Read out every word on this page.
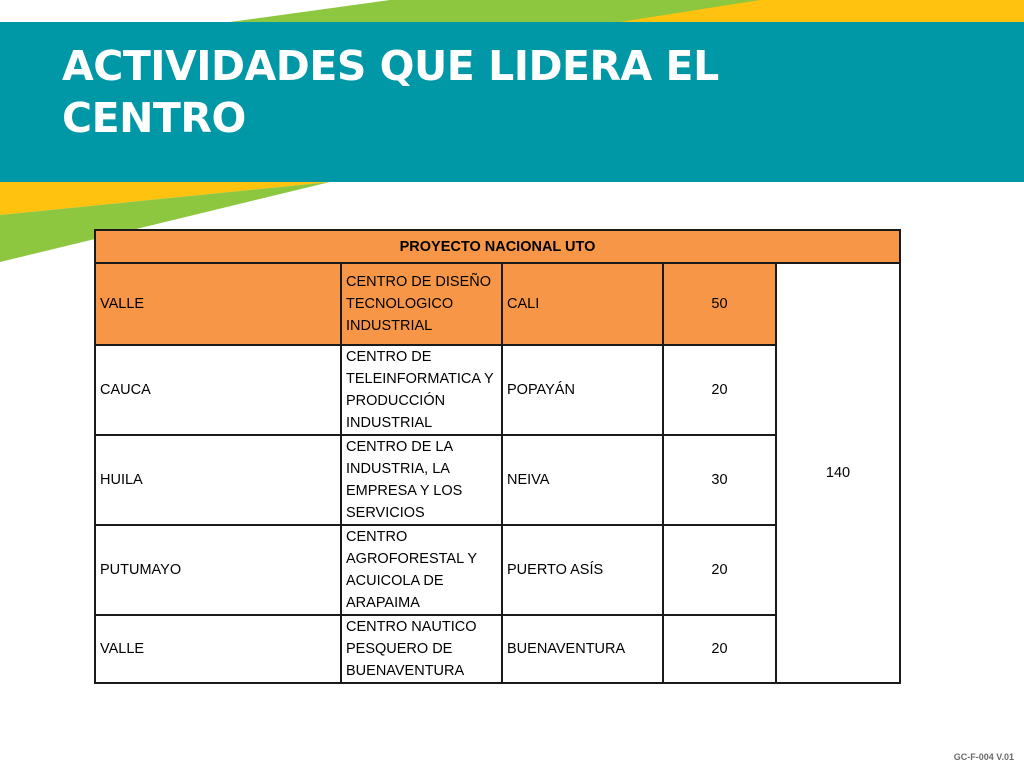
ACTIVIDADES QUE LIDERA EL
CENTRO
PROYECTO NACIONAL UTO				
VALLE	CENTRO DE DISEÑO TECNOLOGICO INDUSTRIAL	CALI	50	140
CAUCA	CENTRO DE TELEINFORMATICA Y PRODUCCIÓN INDUSTRIAL	POPAYÁN	20	
HUILA	CENTRO DE LA INDUSTRIA, LA EMPRESA Y LOS SERVICIOS	NEIVA	30	
PUTUMAYO	CENTRO AGROFORESTAL Y ACUICOLA DE ARAPAIMA	PUERTO ASÍS	20	
VALLE	CENTRO NAUTICO PESQUERO DE BUENAVENTURA	BUENAVENTURA	20	
GC-F-004 V.01
